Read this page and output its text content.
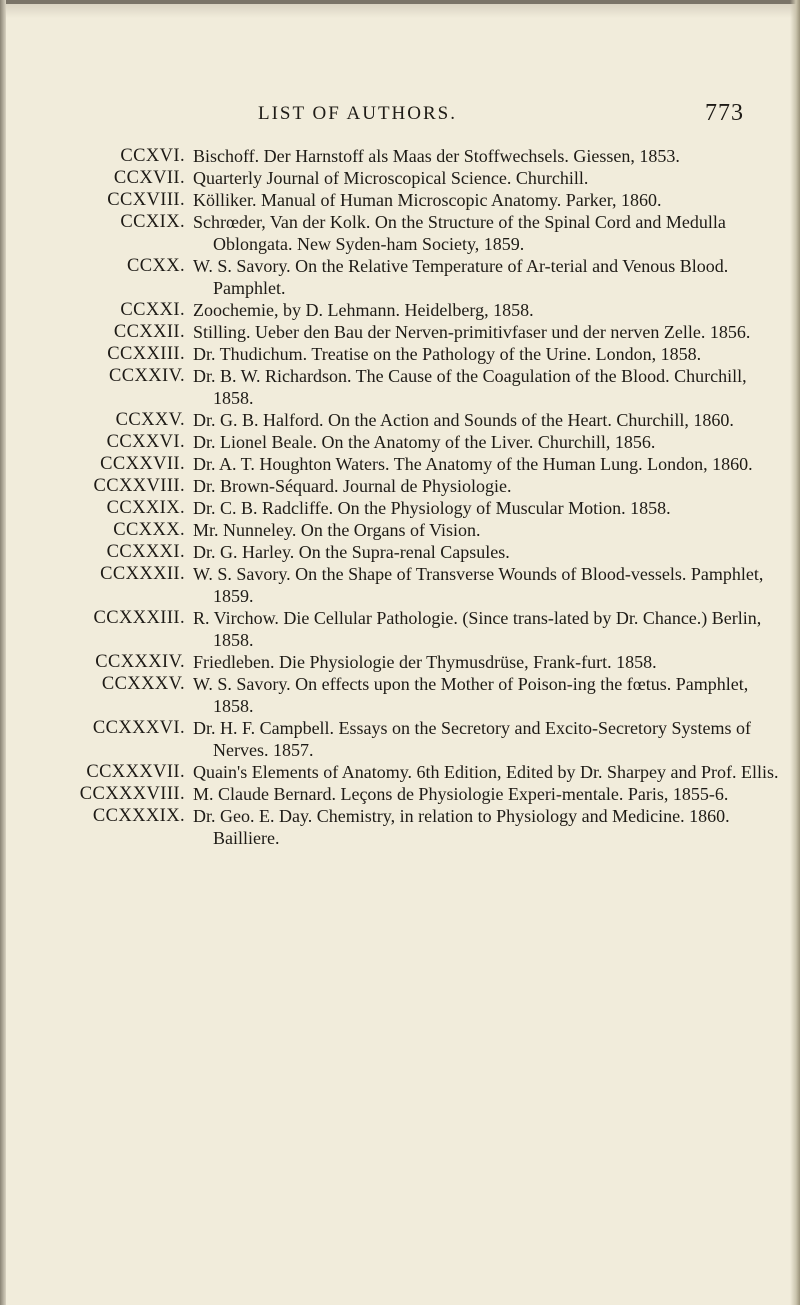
LIST OF AUTHORS.	773
CCXVI. Bischoff. Der Harnstoff als Maas der Stoffwechsels. Giessen, 1853.
CCXVII. Quarterly Journal of Microscopical Science. Churchill.
CCXVIII. Kölliker. Manual of Human Microscopic Anatomy. Parker, 1860.
CCXIX. Schrœder, Van der Kolk. On the Structure of the Spinal Cord and Medulla Oblongata. New Syden-ham Society, 1859.
CCXX. W. S. Savory. On the Relative Temperature of Ar-terial and Venous Blood. Pamphlet.
CCXXI. Zoochemie, by D. Lehmann. Heidelberg, 1858.
CCXXII. Stilling. Ueber den Bau der Nerven-primitivfaser und der nerven Zelle. 1856.
CCXXIII. Dr. Thudichum. Treatise on the Pathology of the Urine. London, 1858.
CCXXIV. Dr. B. W. Richardson. The Cause of the Coagulation of the Blood. Churchill, 1858.
CCXXV. Dr. G. B. Halford. On the Action and Sounds of the Heart. Churchill, 1860.
CCXXVI. Dr. Lionel Beale. On the Anatomy of the Liver. Churchill, 1856.
CCXXVII. Dr. A. T. Houghton Waters. The Anatomy of the Human Lung. London, 1860.
CCXXVIII. Dr. Brown-Séquard. Journal de Physiologie.
CCXXIX. Dr. C. B. Radcliffe. On the Physiology of Muscular Motion. 1858.
CCXXX. Mr. Nunneley. On the Organs of Vision.
CCXXXI. Dr. G. Harley. On the Supra-renal Capsules.
CCXXXII. W. S. Savory. On the Shape of Transverse Wounds of Blood-vessels. Pamphlet, 1859.
CCXXXIII. R. Virchow. Die Cellular Pathologie. (Since trans-lated by Dr. Chance.) Berlin, 1858.
CCXXXIV. Friedleben. Die Physiologie der Thymusdrüse, Frank-furt. 1858.
CCXXXV. W. S. Savory. On effects upon the Mother of Poison-ing the fœtus. Pamphlet, 1858.
CCXXXVI. Dr. H. F. Campbell. Essays on the Secretory and Excito-Secretory Systems of Nerves. 1857.
CCXXXVII. Quain's Elements of Anatomy. 6th Edition, Edited by Dr. Sharpey and Prof. Ellis.
CCXXXVIII. M. Claude Bernard. Leçons de Physiologie Experi-mentale. Paris, 1855-6.
CCXXXIX. Dr. Geo. E. Day. Chemistry, in relation to Physiology and Medicine. 1860. Bailliere.
